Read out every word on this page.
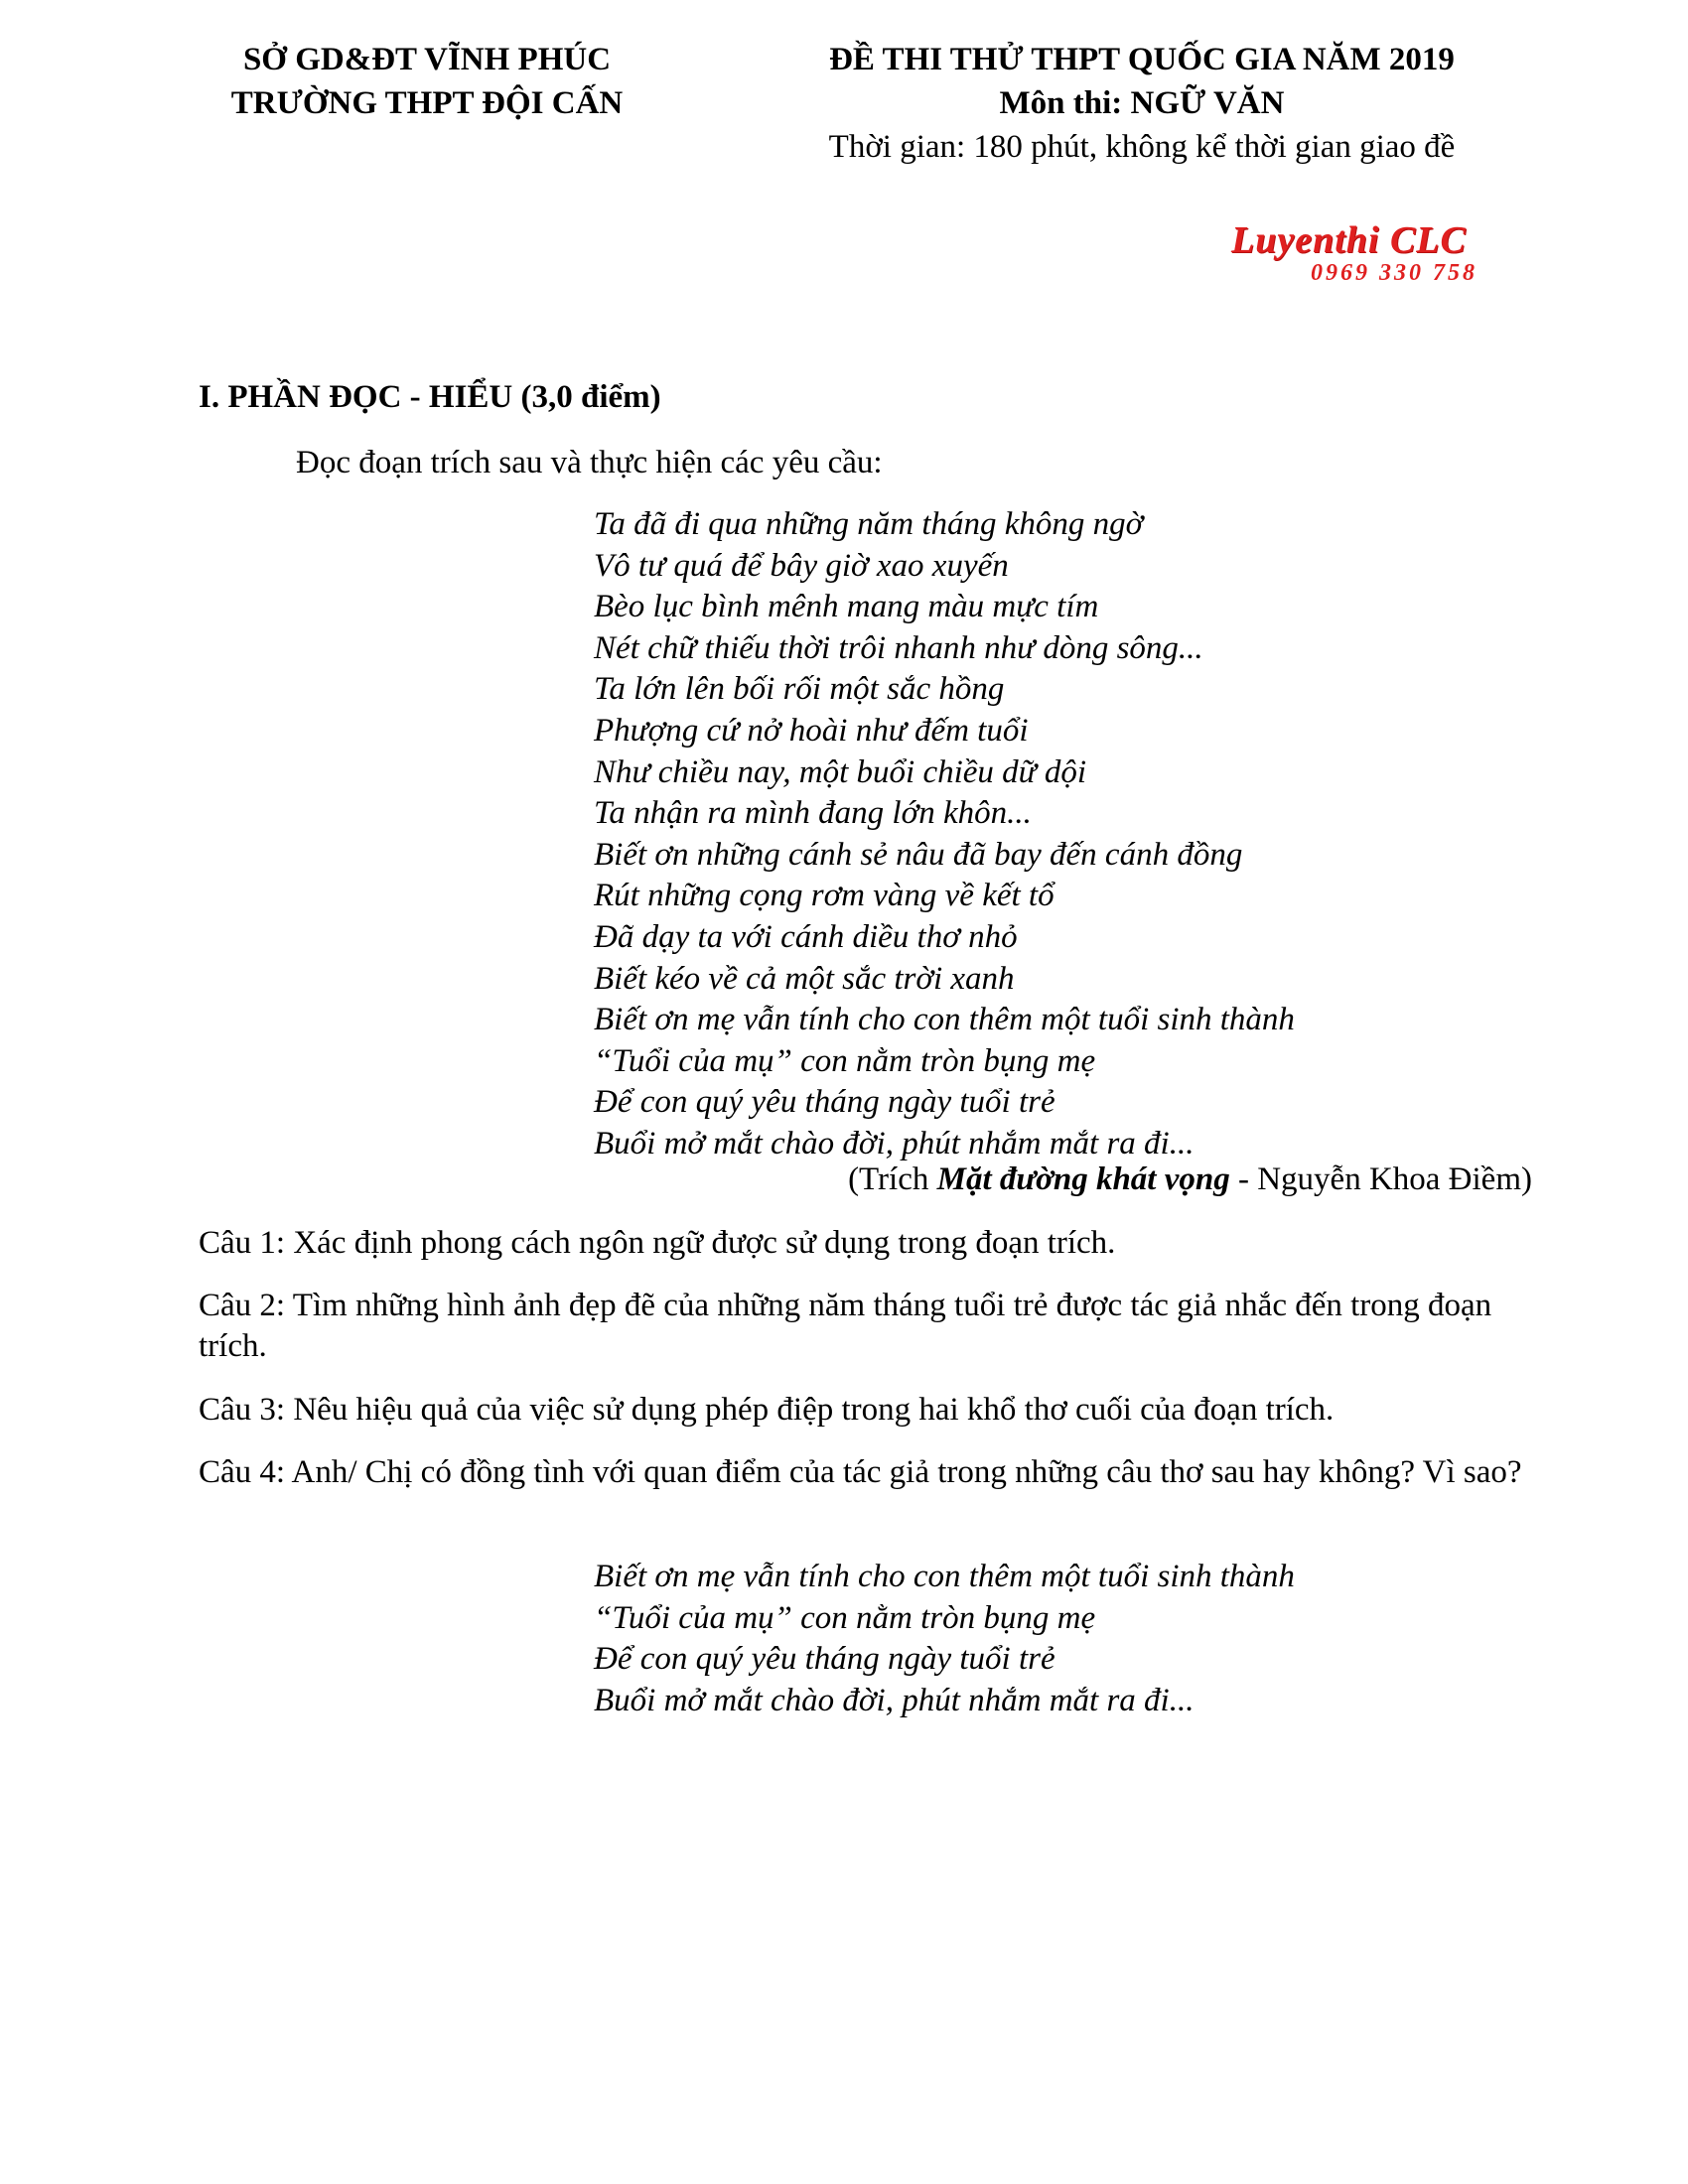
SỞ GD&ĐT VĨNH PHÚC
TRƯỜNG THPT ĐỘI CẤN
ĐỀ THI THỬ THPT QUỐC GIA NĂM 2019
Môn thi: NGỮ VĂN
Thời gian: 180 phút, không kể thời gian giao đề
Luyenthi CLC
0969 330 758
I. PHẦN ĐỌC - HIỂU (3,0 điểm)
Đọc đoạn trích sau và thực hiện các yêu cầu:
Ta đã đi qua những năm tháng không ngờ
Vô tư quá để bây giờ xao xuyến
Bèo lục bình mênh mang màu mực tím
Nét chữ thiếu thời trôi nhanh như dòng sông...
Ta lớn lên bối rối một sắc hồng
Phượng cứ nở hoài như đếm tuổi
Như chiều nay, một buổi chiều dữ dội
Ta nhận ra mình đang lớn khôn...
Biết ơn những cánh sẻ nâu đã bay đến cánh đồng
Rút những cọng rơm vàng về kết tổ
Đã dạy ta với cánh diều thơ nhỏ
Biết kéo về cả một sắc trời xanh
Biết ơn mẹ vẫn tính cho con thêm một tuổi sinh thành
“Tuổi của mụ” con nằm tròn bụng mẹ
Để con quý yêu tháng ngày tuổi trẻ
Buổi mở mắt chào đời, phút nhắm mắt ra đi...
(Trích Mặt đường khát vọng - Nguyễn Khoa Điềm)
Câu 1: Xác định phong cách ngôn ngữ được sử dụng trong đoạn trích.
Câu 2: Tìm những hình ảnh đẹp đẽ của những năm tháng tuổi trẻ được tác giả nhắc đến trong đoạn trích.
Câu 3: Nêu hiệu quả của việc sử dụng phép điệp trong hai khổ thơ cuối của đoạn trích.
Câu 4: Anh/ Chị có đồng tình với quan điểm của tác giả trong những câu thơ sau hay không? Vì sao?
Biết ơn mẹ vẫn tính cho con thêm một tuổi sinh thành
“Tuổi của mụ” con nằm tròn bụng mẹ
Để con quý yêu tháng ngày tuổi trẻ
Buổi mở mắt chào đời, phút nhắm mắt ra đi...
